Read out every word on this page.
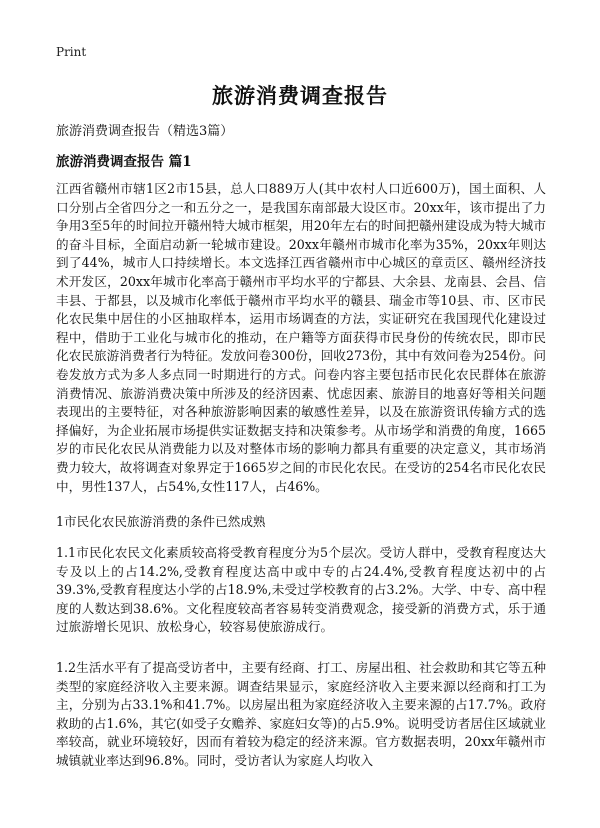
Print
旅游消费调查报告

旅游消费调查报告（精选3篇）

旅游消费调查报告 篇1

江西省赣州市辖1区2市15县，总人口889万人(其中农村人口近600万)，国土面积、人口分别占全省四分之一和五分之一，是我国东南部最大设区市。20xx年，该市提出了力争用3至5年的时间拉开赣州特大城市框架，用20年左右的时间把赣州建设成为特大城市的奋斗目标，全面启动新一轮城市建设。20xx年赣州市城市化率为35%，20xx年则达到了44%，城市人口持续增长。本文选择江西省赣州市中心城区的章贡区、赣州经济技术开发区，20xx年城市化率高于赣州市平均水平的宁都县、大余县、龙南县、会昌、信丰县、于都县，以及城市化率低于赣州市平均水平的赣县、瑞金市等10县、市、区市民化农民集中居住的小区抽取样本，运用市场调查的方法，实证研究在我国现代化建设过程中，借助于工业化与城市化的推动，在户籍等方面获得市民身份的传统农民，即市民化农民旅游消费者行为特征。发放问卷300份，回收273份，其中有效问卷为254份。问卷发放方式为多人多点同一时期进行的方式。问卷内容主要包括市民化农民群体在旅游消费情况、旅游消费决策中所涉及的经济因素、忧虑因素、旅游目的地喜好等相关问题表现出的主要特征，对各种旅游影响因素的敏感性差异，以及在旅游资讯传输方式的选择偏好，为企业拓展市场提供实证数据支持和决策参考。从市场学和消费的角度，1665岁的市民化农民从消费能力以及对整体市场的影响力都具有重要的决定意义，其市场消费力较大，故将调查对象界定于1665岁之间的市民化农民。在受访的254名市民化农民中，男性137人，占54%,女性117人，占46%。

1市民化农民旅游消费的条件已然成熟

1.1市民化农民文化素质较高将受教育程度分为5个层次。受访人群中，受教育程度达大专及以上的占14.2%,受教育程度达高中或中专的占24.4%,受教育程度达初中的占39.3%,受教育程度达小学的占18.9%,未受过学校教育的占3.2%。大学、中专、高中程度的人数达到38.6%。文化程度较高者容易转变消费观念，接受新的消费方式，乐于通过旅游增长见识、放松身心，较容易使旅游成行。

1.2生活水平有了提高受访者中，主要有经商、打工、房屋出租、社会救助和其它等五种类型的家庭经济收入主要来源。调查结果显示，家庭经济收入主要来源以经商和打工为主，分别为占33.1%和41.7%。以房屋出租为家庭经济收入主要来源的占17.7%。政府救助的占1.6%，其它(如受子女赡养、家庭妇女等)的占5.9%。说明受访者居住区域就业率较高，就业环境较好，因而有着较为稳定的经济来源。官方数据表明，20xx年赣州市城镇就业率达到96.8%。同时，受访者认为家庭人均收入
